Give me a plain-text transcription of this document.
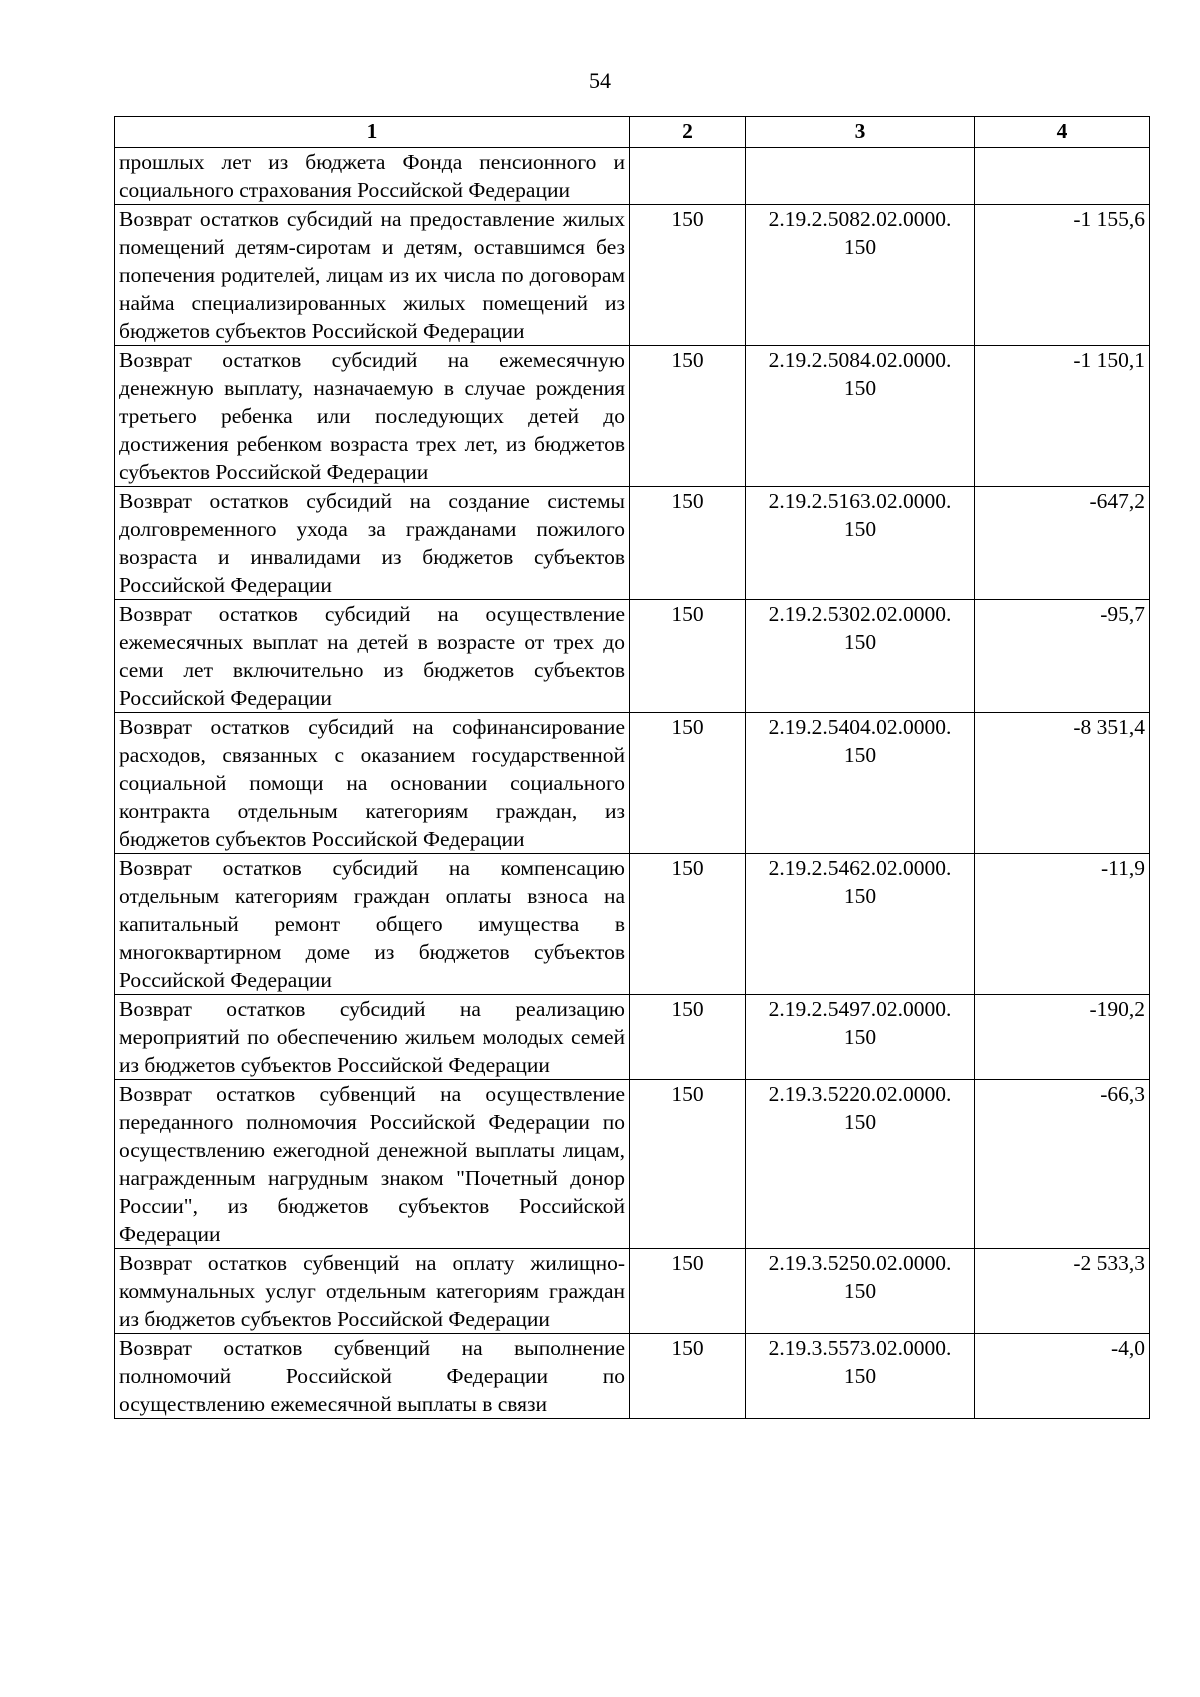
54
1	2	3	4
прошлых лет из бюджета Фонда пенсионного и социального страхования Российской Федерации			
Возврат остатков субсидий на предоставление жилых помещений детям-сиротам и детям, оставшимся без попечения родителей, лицам из их числа по договорам найма специализированных жилых помещений из бюджетов субъектов Российской Федерации	150	2.19.2.5082.02.0000. 150	-1 155,6
Возврат остатков субсидий на ежемесячную денежную выплату, назначаемую в случае рождения третьего ребенка или последующих детей до достижения ребенком возраста трех лет, из бюджетов субъектов Российской Федерации	150	2.19.2.5084.02.0000. 150	-1 150,1
Возврат остатков субсидий на создание системы долговременного ухода за гражданами пожилого возраста и инвалидами из бюджетов субъектов Российской Федерации	150	2.19.2.5163.02.0000. 150	-647,2
Возврат остатков субсидий на осуществление ежемесячных выплат на детей в возрасте от трех до семи лет включительно из бюджетов субъектов Российской Федерации	150	2.19.2.5302.02.0000. 150	-95,7
Возврат остатков субсидий на софинансирование расходов, связанных с оказанием государственной социальной помощи на основании социального контракта отдельным категориям граждан, из бюджетов субъектов Российской Федерации	150	2.19.2.5404.02.0000. 150	-8 351,4
Возврат остатков субсидий на компенсацию отдельным категориям граждан оплаты взноса на капитальный ремонт общего имущества в многоквартирном доме из бюджетов субъектов Российской Федерации	150	2.19.2.5462.02.0000. 150	-11,9
Возврат остатков субсидий на реализацию мероприятий по обеспечению жильем молодых семей из бюджетов субъектов Российской Федерации	150	2.19.2.5497.02.0000. 150	-190,2
Возврат остатков субвенций на осуществление переданного полномочия Российской Федерации по осуществлению ежегодной денежной выплаты лицам, награжденным нагрудным знаком "Почетный донор России", из бюджетов субъектов Российской Федерации	150	2.19.3.5220.02.0000. 150	-66,3
Возврат остатков субвенций на оплату жилищно-коммунальных услуг отдельным категориям граждан из бюджетов субъектов Российской Федерации	150	2.19.3.5250.02.0000. 150	-2 533,3
Возврат остатков субвенций на выполнение полномочий Российской Федерации по осуществлению ежемесячной выплаты в связи	150	2.19.3.5573.02.0000. 150	-4,0
